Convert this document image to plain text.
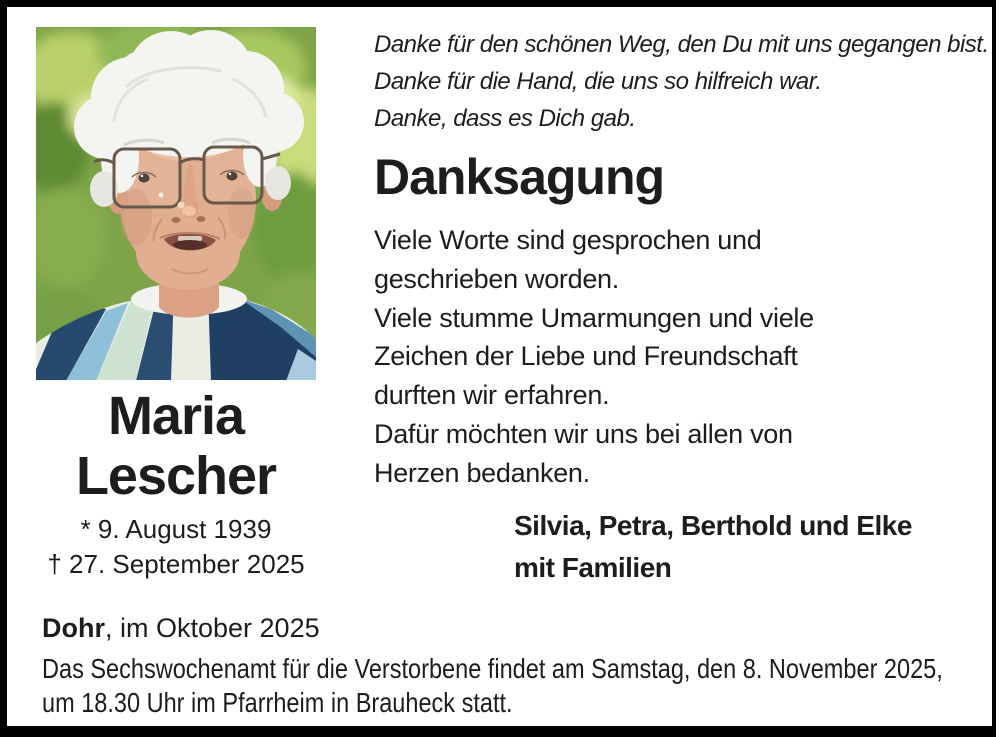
Maria
Lescher
* 9. August 1939
† 27. September 2025
Danke für den schönen Weg, den Du mit uns gegangen bist.
Danke für die Hand, die uns so hilfreich war.
Danke, dass es Dich gab.
Danksagung
Viele Worte sind gesprochen und
geschrieben worden.
Viele stumme Umarmungen und viele
Zeichen der Liebe und Freundschaft
durften wir erfahren.
Dafür möchten wir uns bei allen von
Herzen bedanken.
Silvia, Petra, Berthold und Elke
mit Familien
Dohr, im Oktober 2025
Das Sechswochenamt für die Verstorbene findet am Samstag, den 8. November 2025,
um 18.30 Uhr im Pfarrheim in Brauheck statt.
